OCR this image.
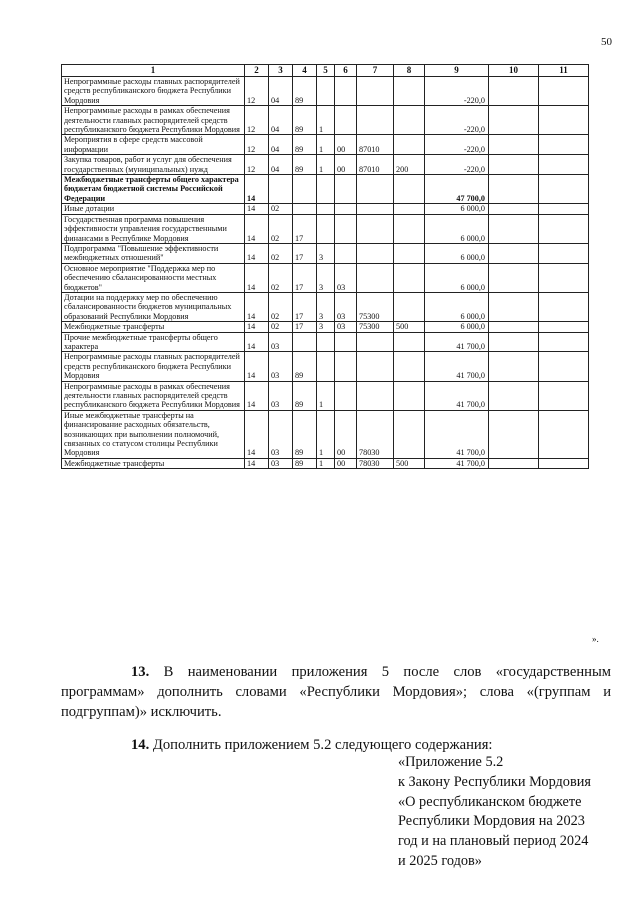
50
1	2	3	4	5	6	7	8	9	10	11
Непрограммные расходы главных распорядителей средств республиканского бюджета Республики Мордовия	12	04	89					-220,0		
Непрограммные расходы в рамках обеспечения деятельности главных распорядителей средств республиканского бюджета Республики Мордовия	12	04	89	1				-220,0		
Мероприятия в сфере средств массовой информации	12	04	89	1	00	87010		-220,0		
Закупка товаров, работ и услуг для обеспечения государственных (муниципальных) нужд	12	04	89	1	00	87010	200	-220,0		
Межбюджетные трансферты общего характера бюджетам бюджетной системы Российской Федерации	14							47 700,0		
Иные дотации	14	02						6 000,0		
Государственная программа повышения эффективности управления государственными финансами в Республике Мордовия	14	02	17					6 000,0		
Подпрограмма "Повышение эффективности межбюджетных отношений"	14	02	17	3				6 000,0		
Основное мероприятие "Поддержка мер по обеспечению сбалансированности местных бюджетов"	14	02	17	3	03			6 000,0		
Дотации на поддержку мер по обеспечению сбалансированности бюджетов муниципальных образований Республики Мордовия	14	02	17	3	03	75300		6 000,0		
Межбюджетные трансферты	14	02	17	3	03	75300	500	6 000,0		
Прочие межбюджетные трансферты общего характера	14	03						41 700,0		
Непрограммные расходы главных распорядителей средств республиканского бюджета Республики Мордовия	14	03	89					41 700,0		
Непрограммные расходы в рамках обеспечения деятельности главных распорядителей средств республиканского бюджета Республики Мордовия	14	03	89	1				41 700,0		
Иные межбюджетные трансферты на финансирование расходных обязательств, возникающих при выполнении полномочий, связанных со статусом столицы Республики Мордовия	14	03	89	1	00	78030		41 700,0		
Межбюджетные трансферты	14	03	89	1	00	78030	500	41 700,0		
».
13. В наименовании приложения 5 после слов «государственным программам» дополнить словами «Республики Мордовия»; слова «(группам и подгруппам)» исключить.
14. Дополнить приложением 5.2 следующего содержания:
«Приложение 5.2
к Закону Республики Мордовия
«О республиканском бюджете
Республики Мордовия на 2023
год и на плановый период 2024
и 2025 годов»
